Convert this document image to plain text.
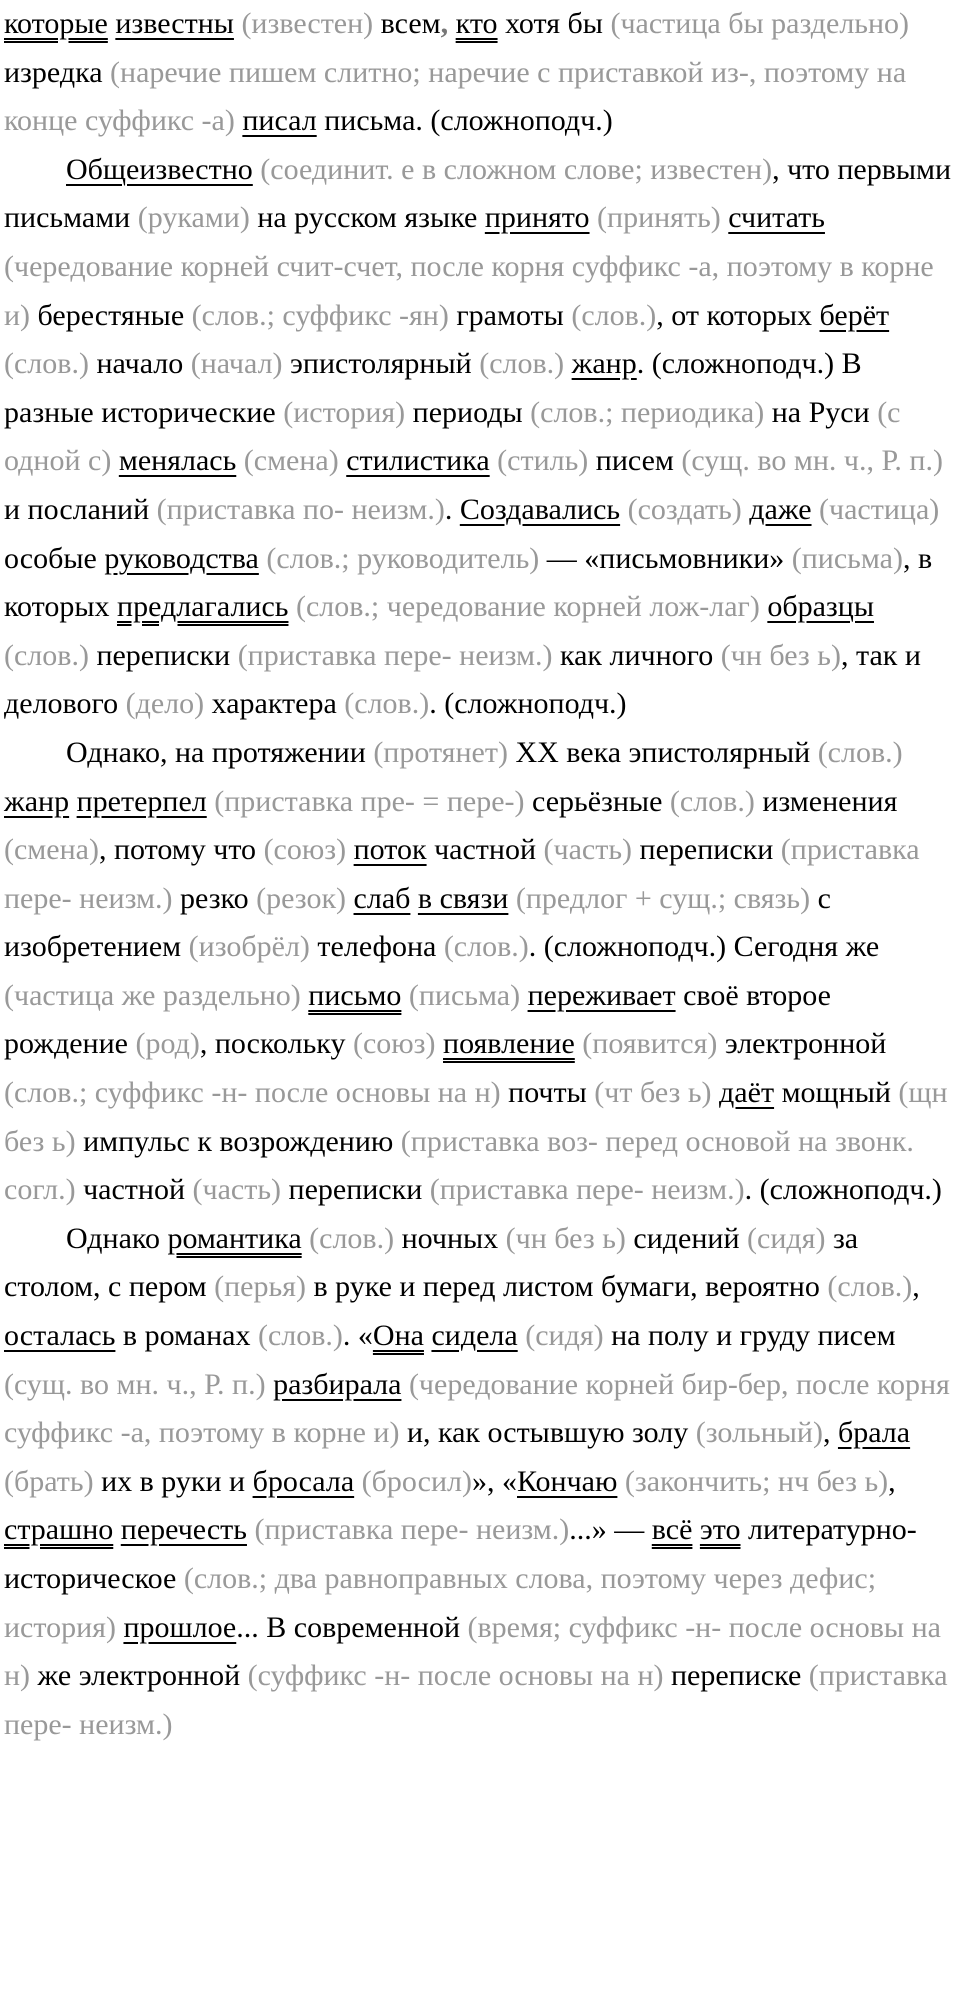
которые известны (известен) всем, кто хотя бы (частица бы раздельно) изредка (наречие пишем слитно; наречие с приставкой из-, поэтому на конце суффикс -а) писал письма. (сложноподч.)

Общеизвестно (соединит. е в сложном слове; известен), что первыми письмами (руками) на русском языке принято (принять) считать (чередование корней счит-счет, после корня суффикс -а, поэтому в корне и) берестяные (слов.; суффикс -ян) грамоты (слов.), от которых берёт (слов.) начало (начал) эпистолярный (слов.) жанр. (сложноподч.) В разные исторические (история) периоды (слов.; периодика) на Руси (с одной с) менялась (смена) стилистика (стиль) писем (сущ. во мн. ч., Р. п.) и посланий (приставка по- неизм.). Создавались (создать) даже (частица) особые руководства (слов.; руководитель) — «письмовники» (письма), в которых предлагались (слов.; чередование корней лож-лаг) образцы (слов.) переписки (приставка пере- неизм.) как личного (чн без ь), так и делового (дело) характера (слов.). (сложноподч.)

Однако, на протяжении (протянет) XX века эпистолярный (слов.) жанр претерпел (приставка пре- = пере-) серьёзные (слов.) изменения (смена), потому что (союз) поток частной (часть) переписки (приставка пере- неизм.) резко (резок) слаб в связи (предлог + сущ.; связь) с изобретением (изобрёл) телефона (слов.). (сложноподч.) Сегодня же (частица же раздельно) письмо (письма) переживает своё второе рождение (род), поскольку (союз) появление (появится) электронной (слов.; суффикс -н- после основы на н) почты (чт без ь) даёт мощный (щн без ь) импульс к возрождению (приставка воз- перед основой на звонк. согл.) частной (часть) переписки (приставка пере- неизм.). (сложноподч.)

Однако романтика (слов.) ночных (чн без ь) сидений (сидя) за столом, с пером (перья) в руке и перед листом бумаги, вероятно (слов.), осталась в романах (слов.). «Она сидела (сидя) на полу и груду писем (сущ. во мн. ч., Р. п.) разбирала (чередование корней бир-бер, после корня суффикс -а, поэтому в корне и) и, как остывшую золу (зольный), брала (брать) их в руки и бросала (бросил)», «Кончаю (закончить; нч без ь), страшно перечесть (приставка пере- неизм.)...» — всё это литературно-историческое (слов.; два равноправных слова, поэтому через дефис; история) прошлое... В современной (время; суффикс -н- после основы на н) же электронной (суффикс -н- после основы на н) переписке (приставка пере- неизм.)
